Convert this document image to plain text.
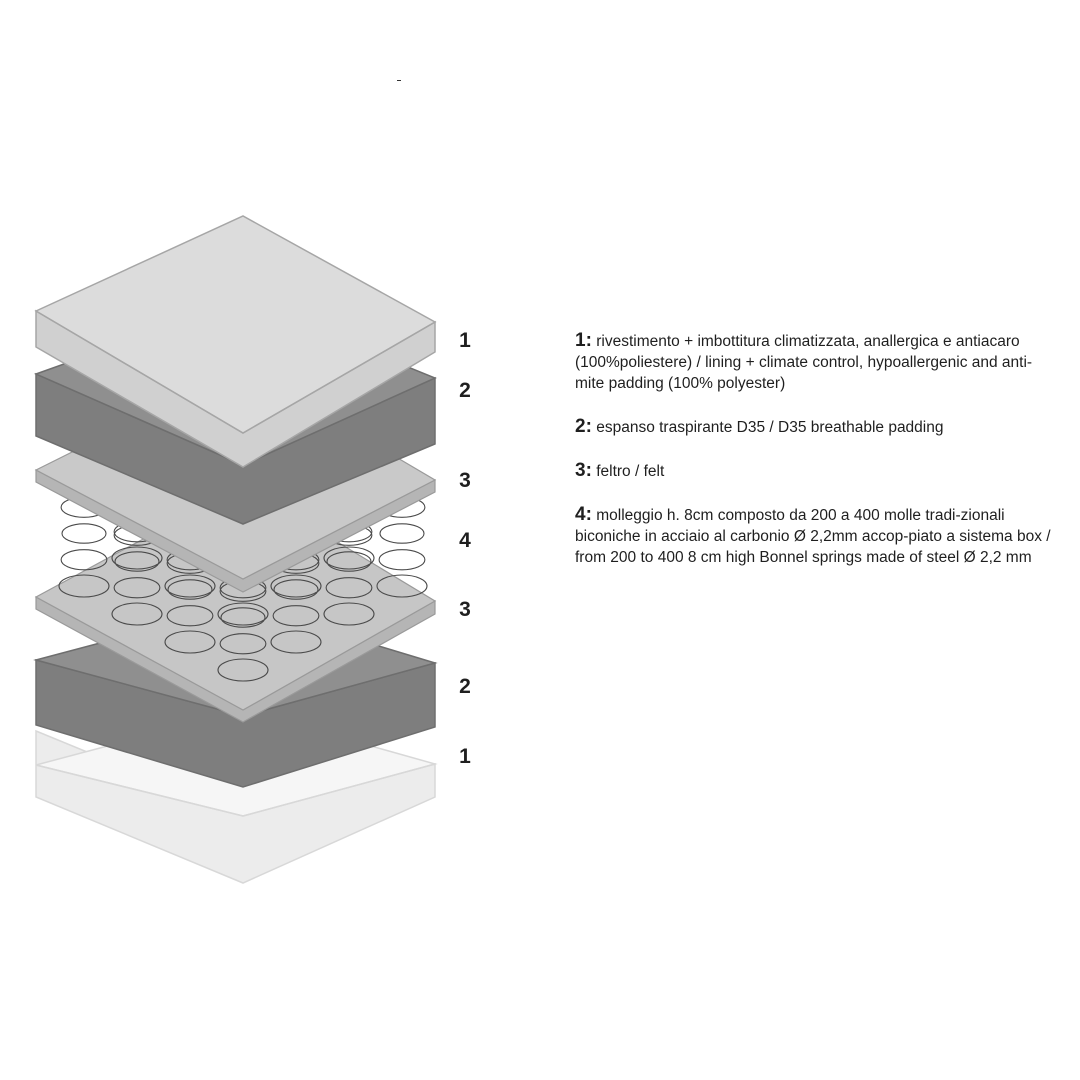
1
2
3
4
3
2
1
1: rivestimento + imbottitura climatizzata, anallergica e antiacaro (100%poliestere) / lining + climate control, hypoallergenic and anti-mite padding (100% polyester)
2: espanso traspirante D35 / D35 breathable padding
3: feltro / felt
4: molleggio h. 8cm composto da 200 a 400 molle tradi-zionali biconiche in acciaio al carbonio Ø 2,2mm accop-piato a sistema box / from 200 to 400 8 cm high Bonnel springs made of steel Ø 2,2 mm
